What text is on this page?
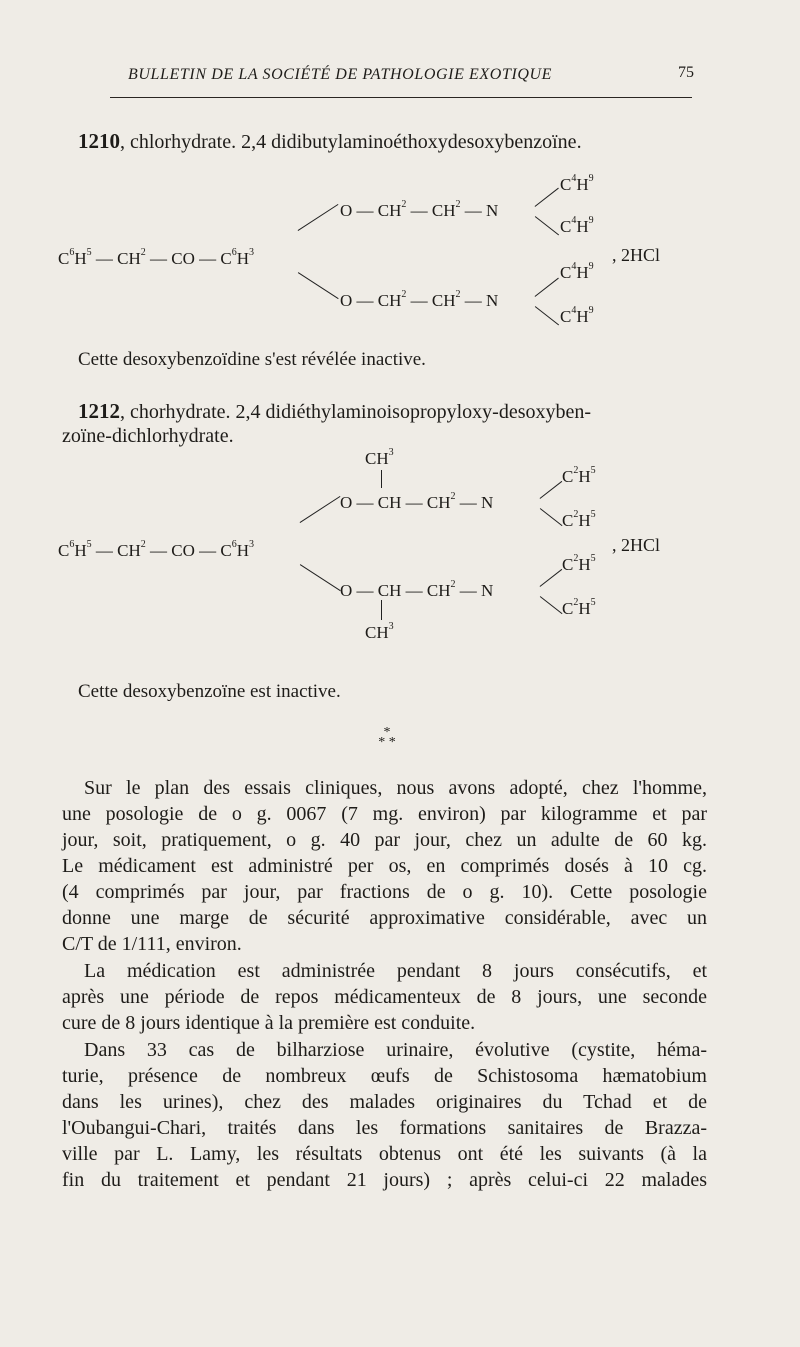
BULLETIN DE LA SOCIÉTÉ DE PATHOLOGIE EXOTIQUE	75
1210, chlorhydrate. 2,4 didibutylaminoéthoxydesoxybenzoïne.
$C^6H^5$ — $CH^2$ — CO — $C^6H^3$
O — $CH^2$ — $CH^2$ — N
O — $CH^2$ — $CH^2$ — N
$C^4H^9$
$C^4H^9$
$C^4H^9$
$C^4H^9$
, 2HCl
Cette desoxybenzoïdine s'est révélée inactive.
1212, chorhydrate. 2,4 didiéthylaminoisopropyloxy-desoxyben-
zoïne-dichlorhydrate.
$CH^3$
$C^6H^5$ — $CH^2$ — CO — $C^6H^3$
O — CH — $CH^2$ — N
O — CH — $CH^2$ — N
$CH^3$
$C^2H^5$
$C^2H^5$
$C^2H^5$
$C^2H^5$
, 2HCl
Cette desoxybenzoïne est inactive.
*
* *
Sur le plan des essais cliniques, nous avons adopté, chez l'homme,
une posologie de o g. 0067 (7 mg. environ) par kilogramme et par
jour, soit, pratiquement, o g. 40 par jour, chez un adulte de 60 kg.
Le médicament est administré per os, en comprimés dosés à 10 cg.
(4 comprimés par jour, par fractions de o g. 10). Cette posologie
donne une marge de sécurité approximative considérable, avec un
C/T de 1/111, environ.
La médication est administrée pendant 8 jours consécutifs, et
après une période de repos médicamenteux de 8 jours, une seconde
cure de 8 jours identique à la première est conduite.
Dans 33 cas de bilharziose urinaire, évolutive (cystite, héma-
turie, présence de nombreux œufs de Schistosoma hæmatobium
dans les urines), chez des malades originaires du Tchad et de
l'Oubangui-Chari, traités dans les formations sanitaires de Brazza-
ville par L. Lamy, les résultats obtenus ont été les suivants (à la
fin du traitement et pendant 21 jours) ; après celui-ci 22 malades
